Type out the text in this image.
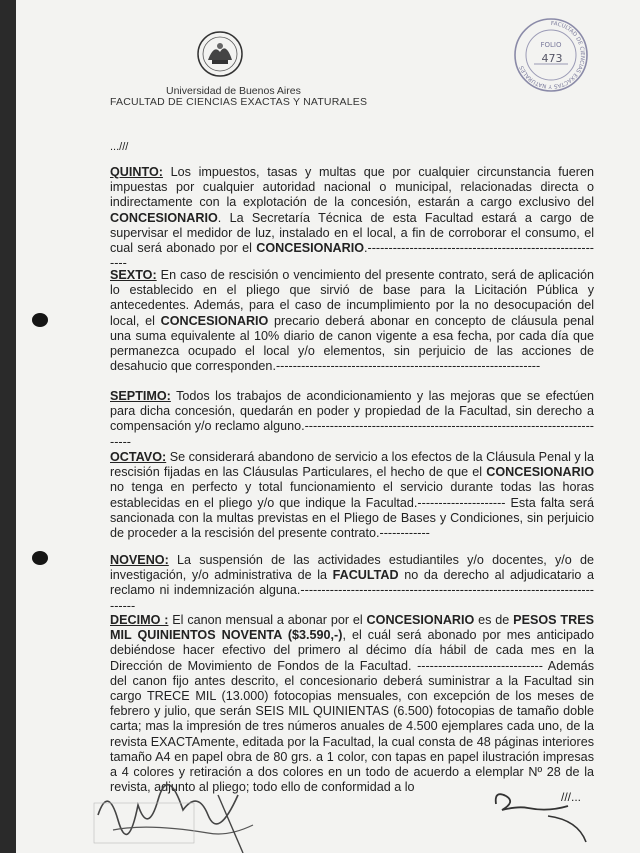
Universidad de Buenos Aires
FACULTAD DE CIENCIAS EXACTAS Y NATURALES
FACULTAD DE CIENCIAS EXACTAS Y NATURALES
FOLIO
473
...///

QUINTO: Los impuestos, tasas y multas que por cualquier circunstancia fueren impuestas por cualquier autoridad nacional o municipal, relacionadas directa o indirectamente con la explotación de la concesión, estarán a cargo exclusivo del CONCESIONARIO. La Secretaría Técnica de esta Facultad estará a cargo de supervisar el medidor de luz, instalado en el local, a fin de corroborar el consumo, el cual será abonado por el CONCESIONARIO.----------------------------------------------------------

SEXTO: En caso de rescisión o vencimiento del presente contrato, será de aplicación lo establecido en el pliego que sirvió de base para la Licitación Pública y antecedentes. Además, para el caso de incumplimiento por la no desocupación del local, el CONCESIONARIO precario deberá abonar en concepto de cláusula penal una suma equivalente al 10% diario de canon vigente a esa fecha, por cada día que permanezca ocupado el local y/o elementos, sin perjuicio de las acciones de desahucio que corresponden.---------------------------------------------------------------

SEPTIMO: Todos los trabajos de acondicionamiento y las mejoras que se efectúen para dicha concesión, quedarán en poder y propiedad de la Facultad, sin derecho a compensación y/o reclamo alguno.--------------------------------------------------------------------------

OCTAVO: Se considerará abandono de servicio a los efectos de la Cláusula Penal y la rescisión fijadas en las Cláusulas Particulares, el hecho de que el CONCESIONARIO no tenga en perfecto y total funcionamiento el servicio durante todas las horas establecidas en el pliego y/o que indique la Facultad.--------------------- Esta falta será sancionada con la multas previstas en el Pliego de Bases y Condiciones, sin perjuicio de proceder a la rescisión del presente contrato.------------

NOVENO: La suspensión de las actividades estudiantiles y/o docentes, y/o de investigación, y/o administrativa de la FACULTAD no da derecho al adjudicatario a reclamo ni indemnización alguna.----------------------------------------------------------------------------

DECIMO : El canon mensual a abonar por el CONCESIONARIO es de PESOS TRES MIL QUINIENTOS NOVENTA ($3.590,-), el cuál será abonado por mes anticipado debiéndose hacer efectivo del primero al décimo día hábil de cada mes en la Dirección de Movimiento de Fondos de la Facultad. ------------------------------ Además del canon fijo antes descrito, el concesionario deberá suministrar a la Facultad sin cargo TRECE MIL (13.000) fotocopias mensuales, con excepción de los meses de febrero y julio, que serán SEIS MIL QUINIENTAS (6.500) fotocopias de tamaño doble carta; mas la impresión de tres números anuales de 4.500 ejemplares cada uno, de la revista EXACTAmente, editada por la Facultad, la cual consta de 48 páginas interiores tamaño A4 en papel obra de 80 grs. a 1 color, con tapas en papel ilustración impresas a 4 colores y retiración a dos colores en un todo de acuerdo a elemplar Nº 28 de la revista, adjunto al pliego; todo ello de conformidad a lo

///...
